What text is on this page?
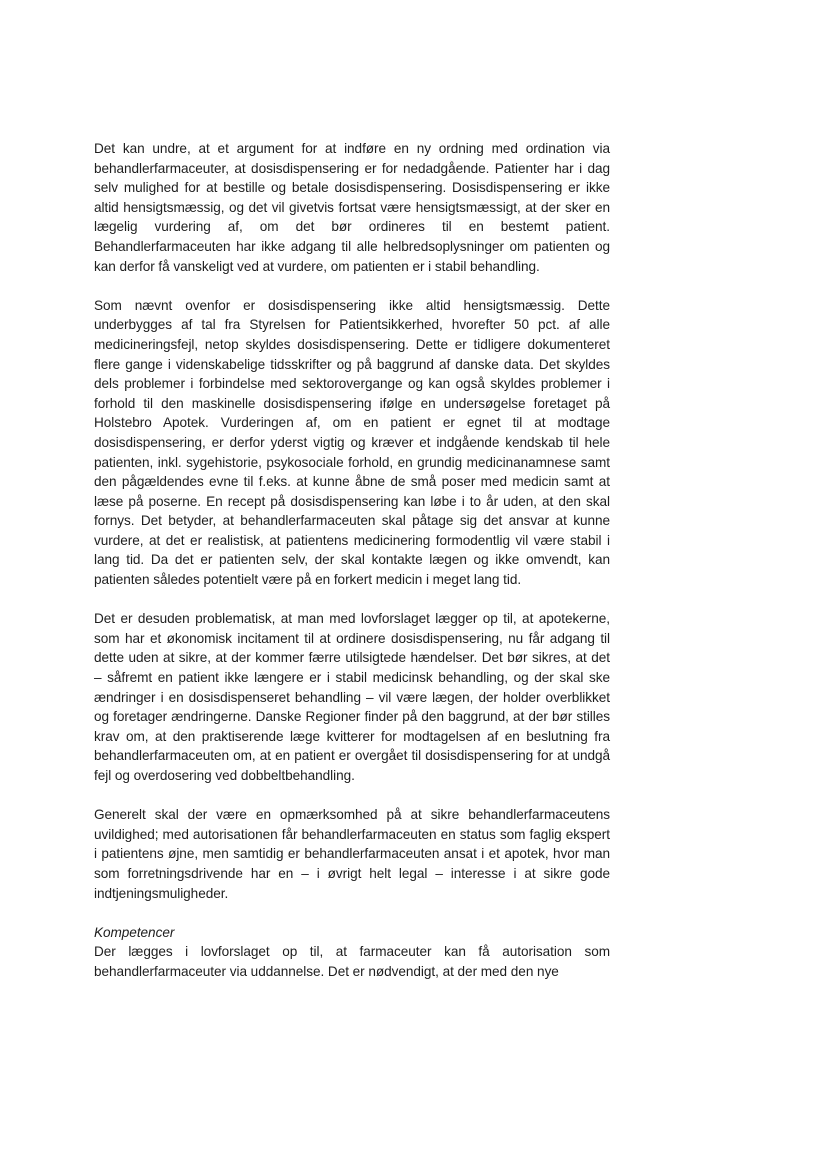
Det kan undre, at et argument for at indføre en ny ordning med ordination via behandlerfarmaceuter, at dosisdispensering er for nedadgående. Patienter har i dag selv mulighed for at bestille og betale dosisdispensering. Dosisdispensering er ikke altid hensigtsmæssig, og det vil givetvis fortsat være hensigtsmæssigt, at der sker en lægelig vurdering af, om det bør ordineres til en bestemt patient. Behandlerfarmaceuten har ikke adgang til alle helbredsoplysninger om patienten og kan derfor få vanskeligt ved at vurdere, om patienten er i stabil behandling.

Som nævnt ovenfor er dosisdispensering ikke altid hensigtsmæssig. Dette underbygges af tal fra Styrelsen for Patientsikkerhed, hvorefter 50 pct. af alle medicineringsfejl, netop skyldes dosisdispensering. Dette er tidligere dokumenteret flere gange i videnskabelige tidsskrifter og på baggrund af danske data. Det skyldes dels problemer i forbindelse med sektorovergange og kan også skyldes problemer i forhold til den maskinelle dosisdispensering ifølge en undersøgelse foretaget på Holstebro Apotek. Vurderingen af, om en patient er egnet til at modtage dosisdispensering, er derfor yderst vigtig og kræver et indgående kendskab til hele patienten, inkl. sygehistorie, psykosociale forhold, en grundig medicinanamnese samt den pågældendes evne til f.eks. at kunne åbne de små poser med medicin samt at læse på poserne. En recept på dosisdispensering kan løbe i to år uden, at den skal fornys. Det betyder, at behandlerfarmaceuten skal påtage sig det ansvar at kunne vurdere, at det er realistisk, at patientens medicinering formodentlig vil være stabil i lang tid. Da det er patienten selv, der skal kontakte lægen og ikke omvendt, kan patienten således potentielt være på en forkert medicin i meget lang tid.

Det er desuden problematisk, at man med lovforslaget lægger op til, at apotekerne, som har et økonomisk incitament til at ordinere dosisdispensering, nu får adgang til dette uden at sikre, at der kommer færre utilsigtede hændelser. Det bør sikres, at det – såfremt en patient ikke længere er i stabil medicinsk behandling, og der skal ske ændringer i en dosisdispenseret behandling – vil være lægen, der holder overblikket og foretager ændringerne. Danske Regioner finder på den baggrund, at der bør stilles krav om, at den praktiserende læge kvitterer for modtagelsen af en beslutning fra behandlerfarmaceuten om, at en patient er overgået til dosisdispensering for at undgå fejl og overdosering ved dobbeltbehandling.

Generelt skal der være en opmærksomhed på at sikre behandlerfarmaceutens uvildighed; med autorisationen får behandlerfarmaceuten en status som faglig ekspert i patientens øjne, men samtidig er behandlerfarmaceuten ansat i et apotek, hvor man som forretningsdrivende har en – i øvrigt helt legal – interesse i at sikre gode indtjeningsmuligheder.

Kompetencer

Der lægges i lovforslaget op til, at farmaceuter kan få autorisation som behandlerfarmaceuter via uddannelse. Det er nødvendigt, at der med den nye
